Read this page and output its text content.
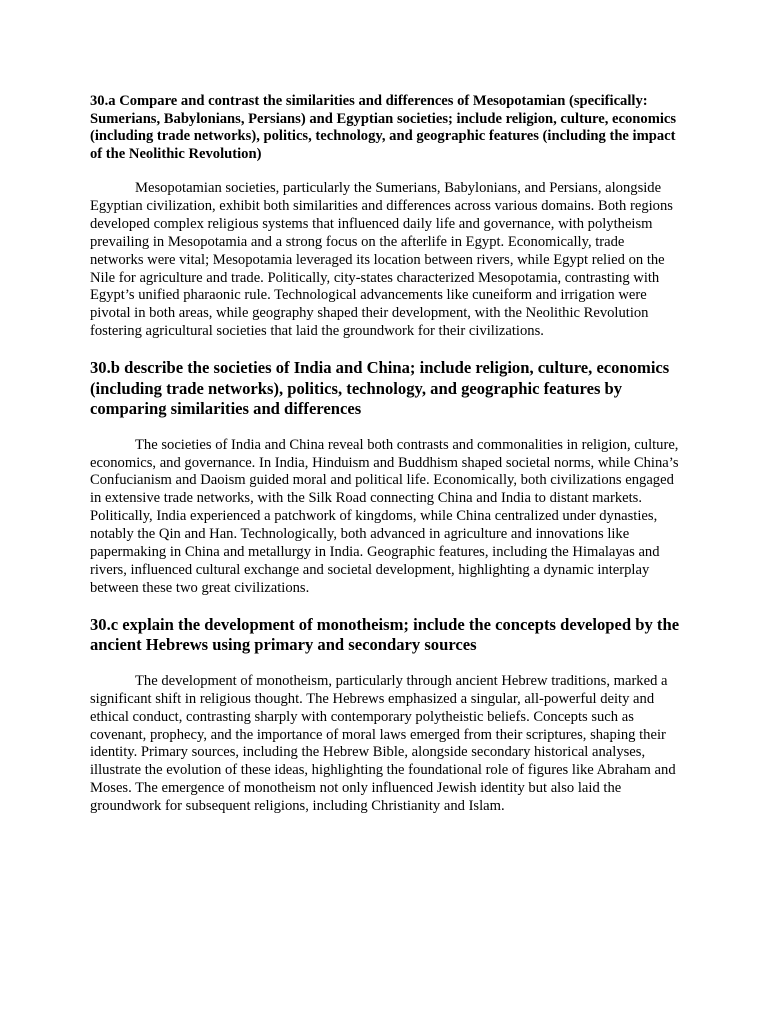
30.a Compare and contrast the similarities and differences of Mesopotamian (specifically: Sumerians, Babylonians, Persians) and Egyptian societies; include religion, culture, economics (including trade networks), politics, technology, and geographic features (including the impact of the Neolithic Revolution)

Mesopotamian societies, particularly the Sumerians, Babylonians, and Persians, alongside Egyptian civilization, exhibit both similarities and differences across various domains. Both regions developed complex religious systems that influenced daily life and governance, with polytheism prevailing in Mesopotamia and a strong focus on the afterlife in Egypt. Economically, trade networks were vital; Mesopotamia leveraged its location between rivers, while Egypt relied on the Nile for agriculture and trade. Politically, city-states characterized Mesopotamia, contrasting with Egypt’s unified pharaonic rule. Technological advancements like cuneiform and irrigation were pivotal in both areas, while geography shaped their development, with the Neolithic Revolution fostering agricultural societies that laid the groundwork for their civilizations.

30.b describe the societies of India and China; include religion, culture, economics (including trade networks), politics, technology, and geographic features by comparing similarities and differences

The societies of India and China reveal both contrasts and commonalities in religion, culture, economics, and governance. In India, Hinduism and Buddhism shaped societal norms, while China’s Confucianism and Daoism guided moral and political life. Economically, both civilizations engaged in extensive trade networks, with the Silk Road connecting China and India to distant markets. Politically, India experienced a patchwork of kingdoms, while China centralized under dynasties, notably the Qin and Han. Technologically, both advanced in agriculture and innovations like papermaking in China and metallurgy in India. Geographic features, including the Himalayas and rivers, influenced cultural exchange and societal development, highlighting a dynamic interplay between these two great civilizations.

30.c explain the development of monotheism; include the concepts developed by the ancient Hebrews using primary and secondary sources

The development of monotheism, particularly through ancient Hebrew traditions, marked a significant shift in religious thought. The Hebrews emphasized a singular, all-powerful deity and ethical conduct, contrasting sharply with contemporary polytheistic beliefs. Concepts such as covenant, prophecy, and the importance of moral laws emerged from their scriptures, shaping their identity. Primary sources, including the Hebrew Bible, alongside secondary historical analyses, illustrate the evolution of these ideas, highlighting the foundational role of figures like Abraham and Moses. The emergence of monotheism not only influenced Jewish identity but also laid the groundwork for subsequent religions, including Christianity and Islam.
